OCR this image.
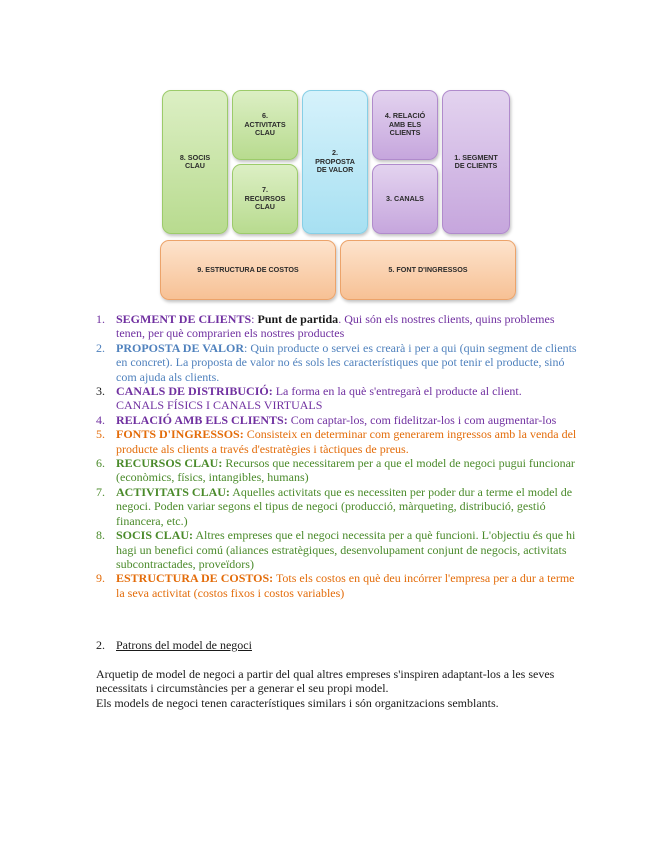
8. SOCIS
CLAU
6.
ACTIVITATS
CLAU
7.
RECURSOS
CLAU
2.
PROPOSTA
DE VALOR
4. RELACIÓ
AMB ELS
CLIENTS
3. CANALS
1. SEGMENT
DE CLIENTS
9. ESTRUCTURA DE COSTOS	5. FONT D'INGRESSOS
1. SEGMENT DE CLIENTS: Punt de partida. Qui són els nostres clients, quins problemes tenen, per què comprarien els nostres productes
2. PROPOSTA DE VALOR: Quin producte o servei es crearà i per a qui (quin segment de clients en concret). La proposta de valor no és sols les característiques que pot tenir el producte, sinó com ajuda als clients.
3. CANALS DE DISTRIBUCIÓ: La forma en la què s'entregarà el producte al client.
CANALS FÍSICS I CANALS VIRTUALS
4. RELACIÓ AMB ELS CLIENTS: Com captar-los, com fidelitzar-los i com augmentar-los
5. FONTS D'INGRESSOS: Consisteix en determinar com generarem ingressos amb la venda del producte als clients a través d'estratègies i tàctiques de preus.
6. RECURSOS CLAU: Recursos que necessitarem per a que el model de negoci pugui funcionar (econòmics, físics, intangibles, humans)
7. ACTIVITATS CLAU: Aquelles activitats que es necessiten per poder dur a terme el model de negoci. Poden variar segons el tipus de negoci (producció, màrqueting, distribució, gestió financera, etc.)
8. SOCIS CLAU: Altres empreses que el negoci necessita per a què funcioni. L'objectiu és que hi hagi un benefici comú (aliances estratègiques, desenvolupament conjunt de negocis, activitats subcontractades, proveïdors)
9. ESTRUCTURA DE COSTOS: Tots els costos en què deu incórrer l'empresa per a dur a terme la seva activitat (costos fixos i costos variables)
2. Patrons del model de negoci

Arquetip de model de negoci a partir del qual altres empreses s'inspiren adaptant-los a les seves necessitats i circumstàncies per a generar el seu propi model.
Els models de negoci tenen característiques similars i són organitzacions semblants.
